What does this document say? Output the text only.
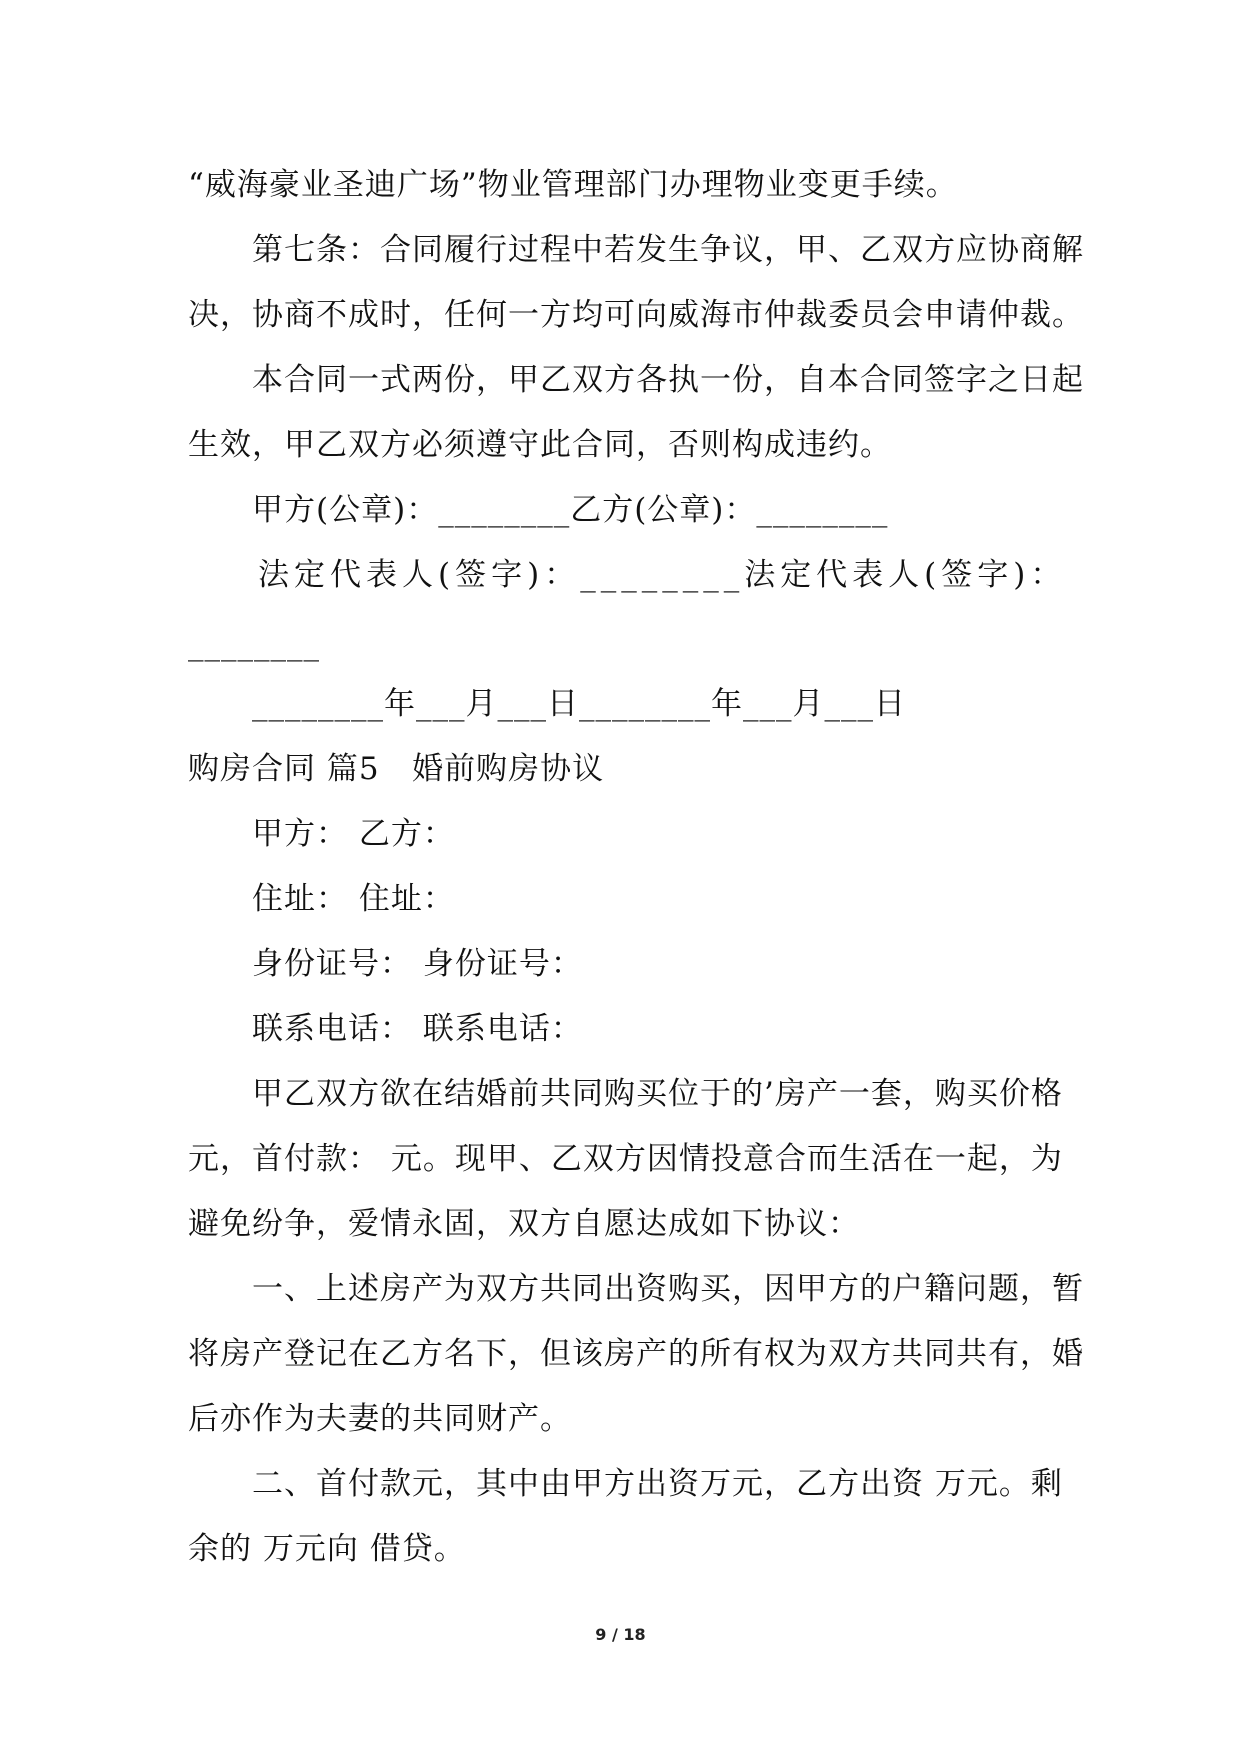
“威海豪业圣迪广场”物业管理部门办理物业变更手续。
第七条：合同履行过程中若发生争议，甲、乙双方应协商解
决，协商不成时，任何一方均可向威海市仲裁委员会申请仲裁。
本合同一式两份，甲乙双方各执一份，自本合同签字之日起
生效，甲乙双方必须遵守此合同，否则构成违约。
甲方(公章)：________乙方(公章)：________
法定代表人(签字)：________法定代表人(签字)：
________
________年___月___日________年___月___日
购房合同 篇5   婚前购房协议
甲方： 乙方：
住址： 住址：
身份证号： 身份证号：
联系电话： 联系电话：
甲乙双方欲在结婚前共同购买位于的’房产一套，购买价格
元，首付款： 元。现甲、乙双方因情投意合而生活在一起，为
避免纷争，爱情永固，双方自愿达成如下协议：
一、上述房产为双方共同出资购买，因甲方的户籍问题，暂
将房产登记在乙方名下，但该房产的所有权为双方共同共有，婚
后亦作为夫妻的共同财产。
二、首付款元，其中由甲方出资万元，乙方出资 万元。剩
余的 万元向 借贷。
9 / 18
